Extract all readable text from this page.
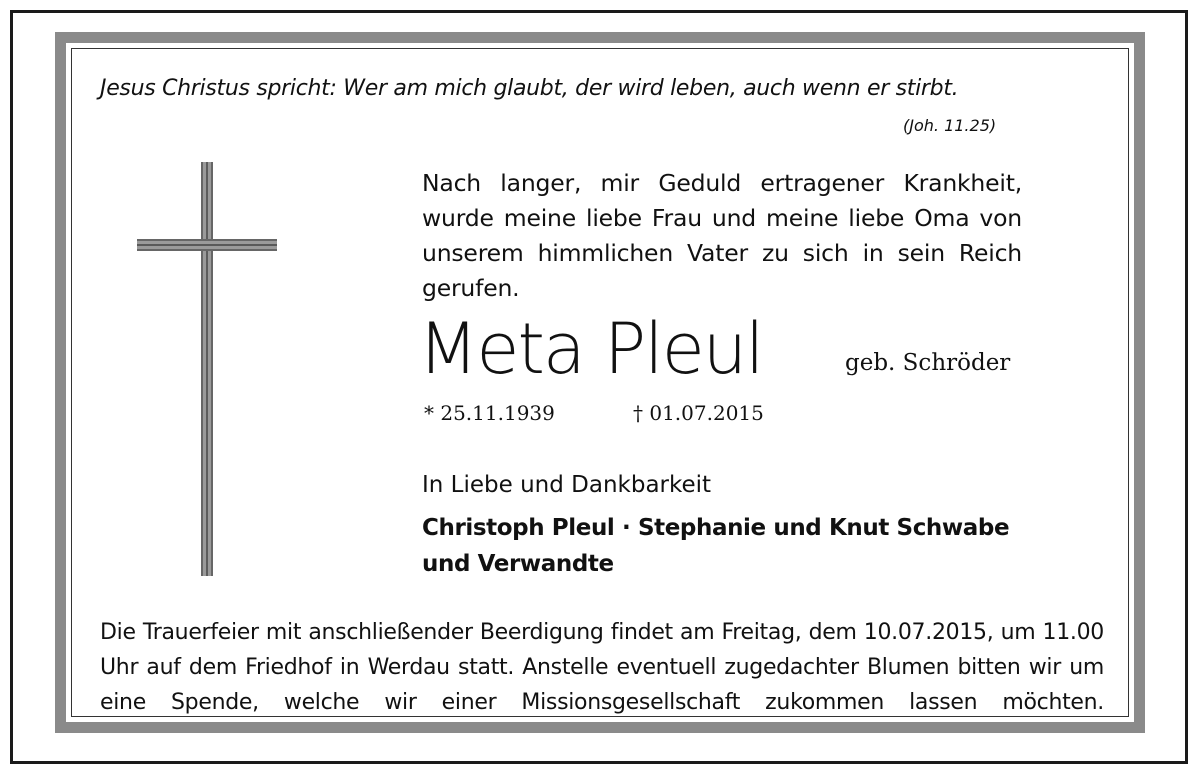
Jesus Christus spricht: Wer am mich glaubt, der wird leben, auch wenn er stirbt.
(Joh. 11.25)
Nach langer, mir Geduld ertragener Krankheit, wurde meine liebe Frau und meine liebe Oma von unserem himmlichen Vater zu sich in sein Reich gerufen.
Meta Pleul	geb. Schröder
* 25.11.1939	† 01.07.2015
In Liebe und Dankbarkeit
Christoph Pleul · Stephanie und Knut Schwabe
und Verwandte
Die Trauerfeier mit anschließender Beerdigung findet am Freitag, dem 10.07.2015, um 11.00 Uhr auf dem Friedhof in Werdau statt. Anstelle eventuell zugedachter Blumen bitten wir um eine Spende, welche wir einer Missionsgesellschaft zukommen lassen möchten.
